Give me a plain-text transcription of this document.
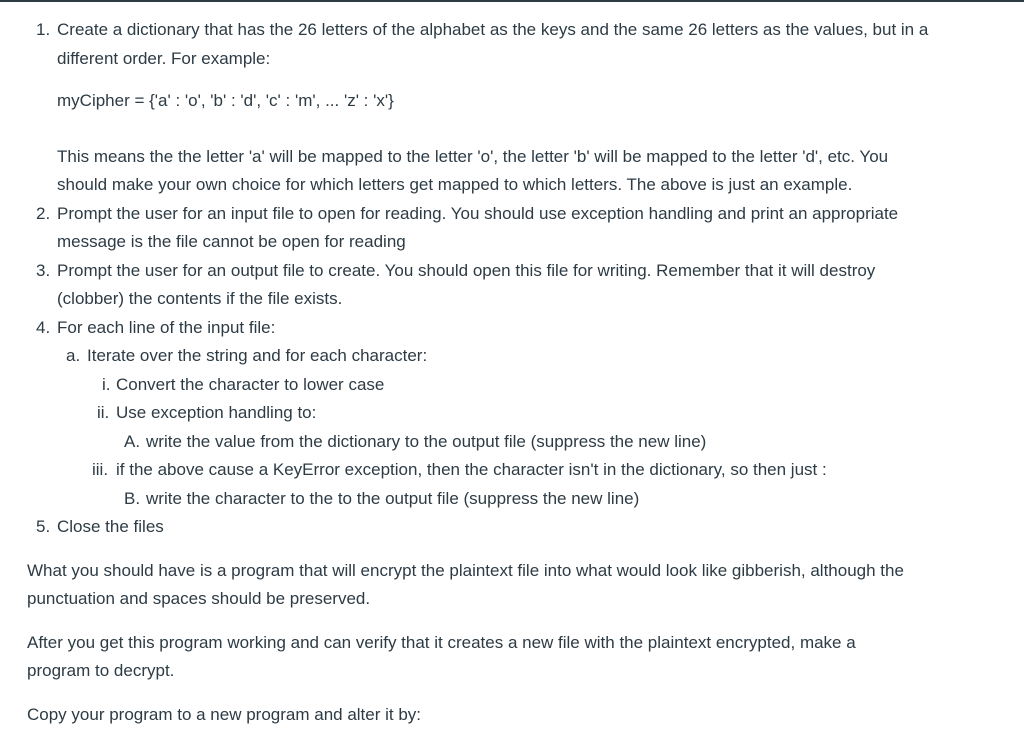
1. Create a dictionary that has the 26 letters of the alphabet as the keys and the same 26 letters as the values, but in a
different order. For example:
myCipher = {'a' : 'o', 'b' : 'd', 'c' : 'm', ... 'z' : 'x'}
This means the the letter 'a' will be mapped to the letter 'o', the letter 'b' will be mapped to the letter 'd', etc. You
should make your own choice for which letters get mapped to which letters. The above is just an example.
2. Prompt the user for an input file to open for reading. You should use exception handling and print an appropriate
message is the file cannot be open for reading
3. Prompt the user for an output file to create. You should open this file for writing. Remember that it will destroy
(clobber) the contents if the file exists.
4. For each line of the input file:
a. Iterate over the string and for each character:
i. Convert the character to lower case
ii. Use exception handling to:
A. write the value from the dictionary to the output file (suppress the new line)
iii. if the above cause a KeyError exception, then the character isn't in the dictionary, so then just :
B. write the character to the to the output file (suppress the new line)
5. Close the files
What you should have is a program that will encrypt the plaintext file into what would look like gibberish, although the
punctuation and spaces should be preserved.
After you get this program working and can verify that it creates a new file with the plaintext encrypted, make a
program to decrypt.
Copy your program to a new program and alter it by:
